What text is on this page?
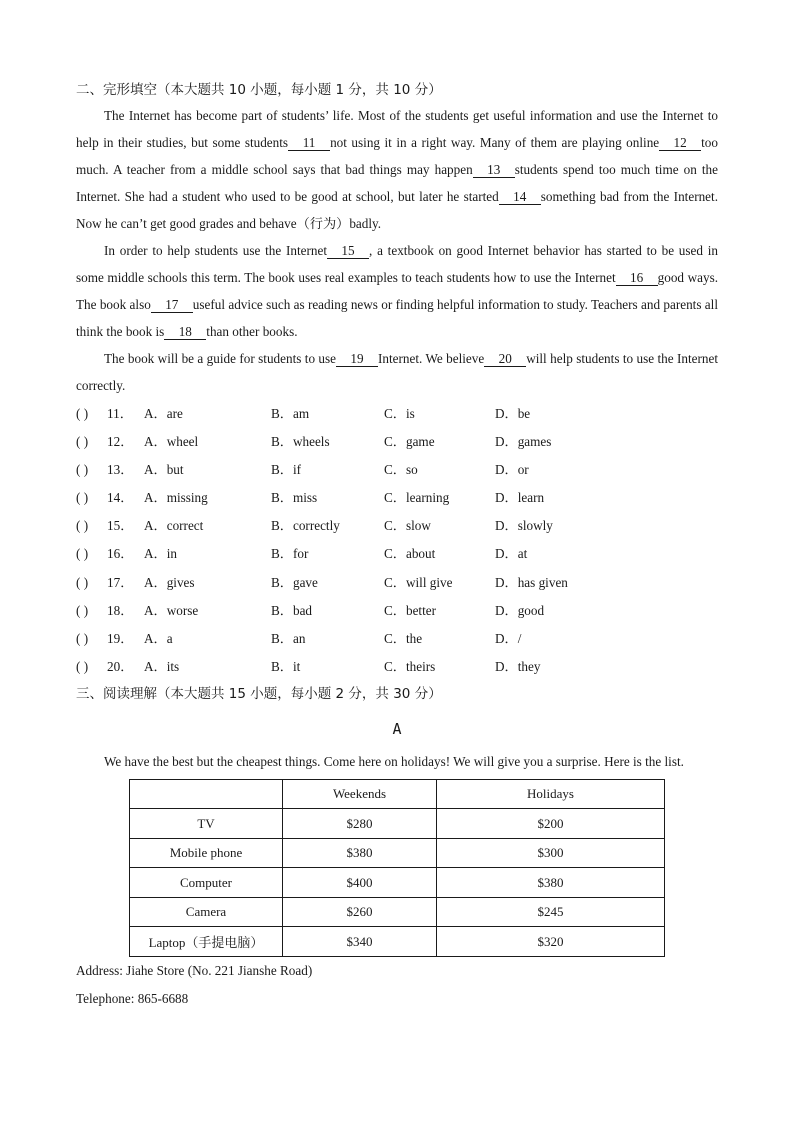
二、完形填空（本大题共 10 小题，每小题 1 分，共 10 分）

The Internet has become part of students’ life. Most of the students get useful information and use the Internet to help in their studies, but some students 11 not using it in a right way. Many of them are playing online 12 too much. A teacher from a middle school says that bad things may happen 13 students spend too much time on the Internet. She had a student who used to be good at school, but later he started 14 something bad from the Internet. Now he can’t get good grades and behave（行为）badly.

In order to help students use the Internet 15 , a textbook on good Internet behavior has started to be used in some middle schools this term. The book uses real examples to teach students how to use the Internet 16 good ways. The book also 17 useful advice such as reading news or finding helpful information to study. Teachers and parents all think the book is 18 than other books.

The book will be a guide for students to use 19 Internet. We believe 20 will help students to use the Internet correctly.

( ) 11． A．are	B．am	C．is	D．be
( ) 12． A．wheel	B．wheels	C．game	D．games
( ) 13． A．but	B．if	C．so	D．or
( ) 14． A．missing	B．miss	C．learning	D．learn
( ) 15． A．correct	B．correctly	C．slow	D．slowly
( ) 16． A．in	B．for	C．about	D．at
( ) 17． A．gives	B．gave	C．will give	D．has given
( ) 18． A．worse	B．bad	C．better	D．good
( ) 19． A．a	B．an	C．the	D．/
( ) 20． A．its	B．it	C．theirs	D．they
三、阅读理解（本大题共 15 小题，每小题 2 分，共 30 分）
A

We have the best but the cheapest things. Come here on holidays! We will give you a surprise. Here is the list.

	Weekends	Holidays
TV	$280	$200
Mobile phone	$380	$300
Computer	$400	$380
Camera	$260	$245
Laptop（手提电脑）	$340	$320

Address: Jiahe Store (No. 221 Jianshe Road)

Telephone: 865-6688
